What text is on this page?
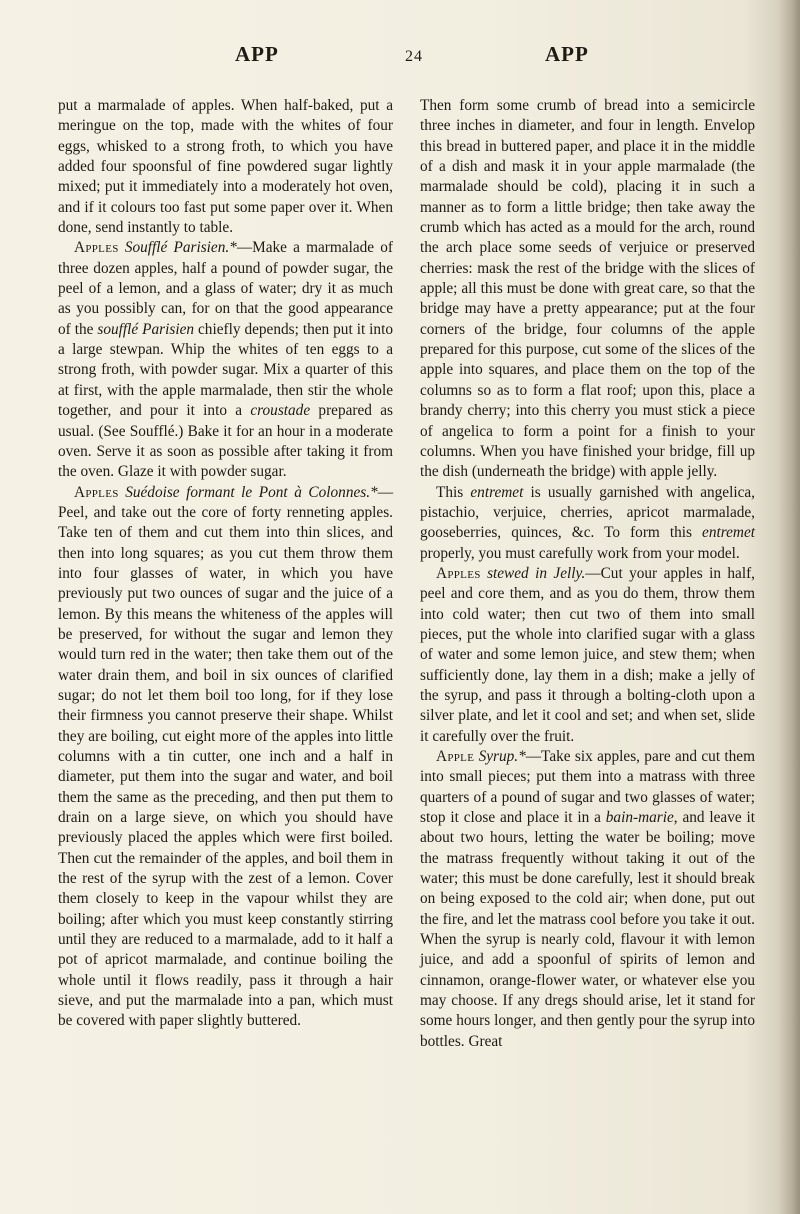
APP	24	APP

put a marmalade of apples. When half-baked, put a meringue on the top, made with the whites of four eggs, whisked to a strong froth, to which you have added four spoonsful of fine powdered sugar lightly mixed; put it immediately into a moderately hot oven, and if it colours too fast put some paper over it. When done, send instantly to table.

Apples Soufflé Parisien.*—Make a marmalade of three dozen apples, half a pound of powder sugar, the peel of a lemon, and a glass of water; dry it as much as you possibly can, for on that the good appearance of the soufflé Parisien chiefly depends; then put it into a large stewpan. Whip the whites of ten eggs to a strong froth, with powder sugar. Mix a quarter of this at first, with the apple marmalade, then stir the whole together, and pour it into a croustade prepared as usual. (See Soufflé.) Bake it for an hour in a moderate oven. Serve it as soon as possible after taking it from the oven. Glaze it with powder sugar.

Apples Suédoise formant le Pont à Colonnes.*—Peel, and take out the core of forty renneting apples. Take ten of them and cut them into thin slices, and then into long squares; as you cut them throw them into four glasses of water, in which you have previously put two ounces of sugar and the juice of a lemon. By this means the whiteness of the apples will be preserved, for without the sugar and lemon they would turn red in the water; then take them out of the water drain them, and boil in six ounces of clarified sugar; do not let them boil too long, for if they lose their firmness you cannot preserve their shape. Whilst they are boiling, cut eight more of the apples into little columns with a tin cutter, one inch and a half in diameter, put them into the sugar and water, and boil them the same as the preceding, and then put them to drain on a large sieve, on which you should have previously placed the apples which were first boiled. Then cut the remainder of the apples, and boil them in the rest of the syrup with the zest of a lemon. Cover them closely to keep in the vapour whilst they are boiling; after which you must keep constantly stirring until they are reduced to a marmalade, add to it half a pot of apricot marmalade, and continue boiling the whole until it flows readily, pass it through a hair sieve, and put the marmalade into a pan, which must be covered with paper slightly buttered.

Then form some crumb of bread into a semicircle three inches in diameter, and four in length. Envelop this bread in buttered paper, and place it in the middle of a dish and mask it in your apple marmalade (the marmalade should be cold), placing it in such a manner as to form a little bridge; then take away the crumb which has acted as a mould for the arch, round the arch place some seeds of verjuice or preserved cherries: mask the rest of the bridge with the slices of apple; all this must be done with great care, so that the bridge may have a pretty appearance; put at the four corners of the bridge, four columns of the apple prepared for this purpose, cut some of the slices of the apple into squares, and place them on the top of the columns so as to form a flat roof; upon this, place a brandy cherry; into this cherry you must stick a piece of angelica to form a point for a finish to your columns. When you have finished your bridge, fill up the dish (underneath the bridge) with apple jelly.

This entremet is usually garnished with angelica, pistachio, verjuice, cherries, apricot marmalade, gooseberries, quinces, &c. To form this entremet properly, you must carefully work from your model.

Apples stewed in Jelly.—Cut your apples in half, peel and core them, and as you do them, throw them into cold water; then cut two of them into small pieces, put the whole into clarified sugar with a glass of water and some lemon juice, and stew them; when sufficiently done, lay them in a dish; make a jelly of the syrup, and pass it through a bolting-cloth upon a silver plate, and let it cool and set; and when set, slide it carefully over the fruit.

Apple Syrup.*—Take six apples, pare and cut them into small pieces; put them into a matrass with three quarters of a pound of sugar and two glasses of water; stop it close and place it in a bain-marie, and leave it about two hours, letting the water be boiling; move the matrass frequently without taking it out of the water; this must be done carefully, lest it should break on being exposed to the cold air; when done, put out the fire, and let the matrass cool before you take it out. When the syrup is nearly cold, flavour it with lemon juice, and add a spoonful of spirits of lemon and cinnamon, orange-flower water, or whatever else you may choose. If any dregs should arise, let it stand for some hours longer, and then gently pour the syrup into bottles. Great
